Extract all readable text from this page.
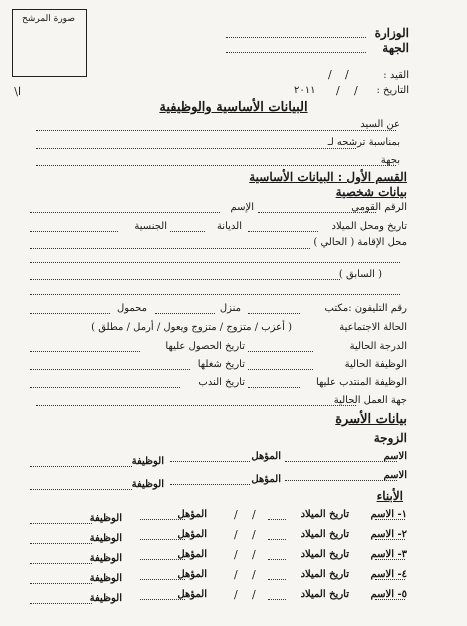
صورة المرشح
الوزارة
الجهة
ا\
القيد :
/
/
التاريخ :
/
/
٢٠١١
البيانات الأساسية والوظيفية
عن السيد
بمناسبة ترشحه لـ
بجهة
القسم الأول : البيانات الأساسية
بيانات شخصية
الرقم القومي
الإسم
تاريخ ومحل الميلاد
الديانة
الجنسية
محل الإقامة ( الحالي )
( السابق )
رقم التليفون :مكتب
منزل
محمول
الحالة الاجتماعية
( أعزب / متزوج / متزوج ويعول / أرمل / مطلق )
الدرجة الحالية
تاريخ الحصول عليها
الوظيفة الحالية
تاريخ شغلها
الوظيفة المنتدب عليها
تاريخ الندب
جهة العمل الحالية
بيانات الأسرة
الزوجة
الاسم
المؤهل
الوظيفة
الاسم
المؤهل
الوظيفة
الأبناء
١- الاسم
تاريخ الميلاد
/
/
المؤهل
الوظيفة
٢- الاسم
تاريخ الميلاد
/
/
المؤهل
الوظيفة
٣- الاسم
تاريخ الميلاد
/
/
المؤهل
الوظيفة
٤- الاسم
تاريخ الميلاد
/
/
المؤهل
الوظيفة
٥- الاسم
تاريخ الميلاد
/
/
المؤهل
الوظيفة
